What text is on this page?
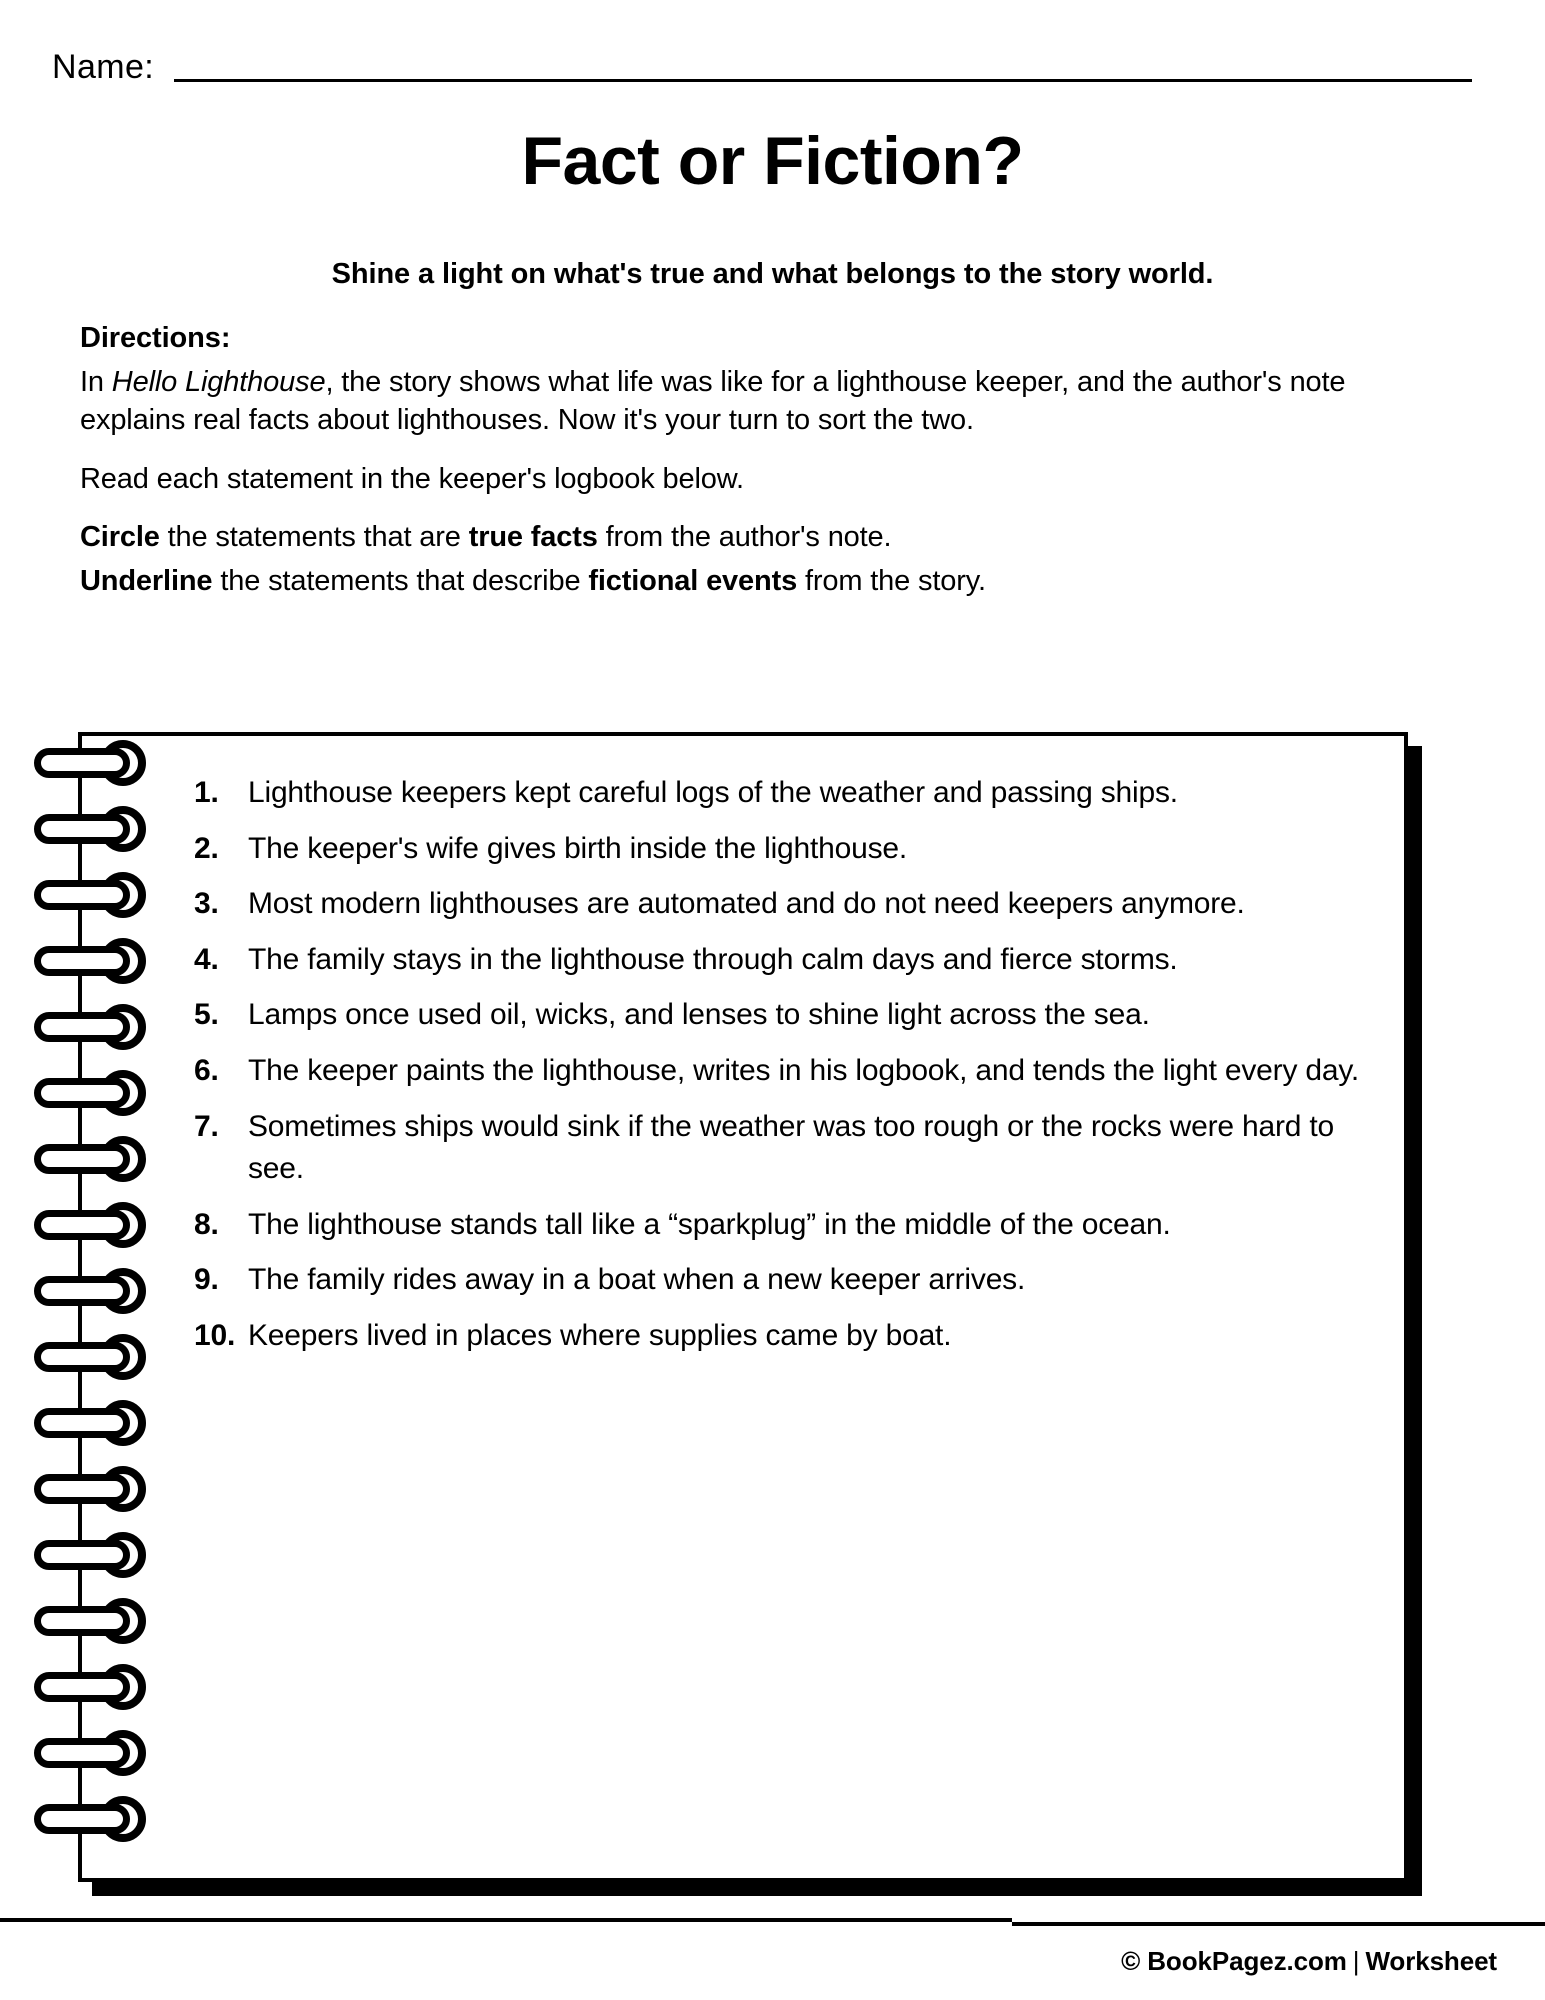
Name:
Fact or Fiction?
Shine a light on what's true and what belongs to the story world.
Directions:

In Hello Lighthouse, the story shows what life was like for a lighthouse keeper, and the author's note explains real facts about lighthouses. Now it's your turn to sort the two.

Read each statement in the keeper's logbook below.

Circle the statements that are true facts from the author's note.

Underline the statements that describe fictional events from the story.

1. Lighthouse keepers kept careful logs of the weather and passing ships.
2. The keeper's wife gives birth inside the lighthouse.
3. Most modern lighthouses are automated and do not need keepers anymore.
4. The family stays in the lighthouse through calm days and fierce storms.
5. Lamps once used oil, wicks, and lenses to shine light across the sea.
6. The keeper paints the lighthouse, writes in his logbook, and tends the light every day.
7. Sometimes ships would sink if the weather was too rough or the rocks were hard to see.
8. The lighthouse stands tall like a “sparkplug” in the middle of the ocean.
9. The family rides away in a boat when a new keeper arrives.
10. Keepers lived in places where supplies came by boat.
© BookPagez.com | Worksheet
